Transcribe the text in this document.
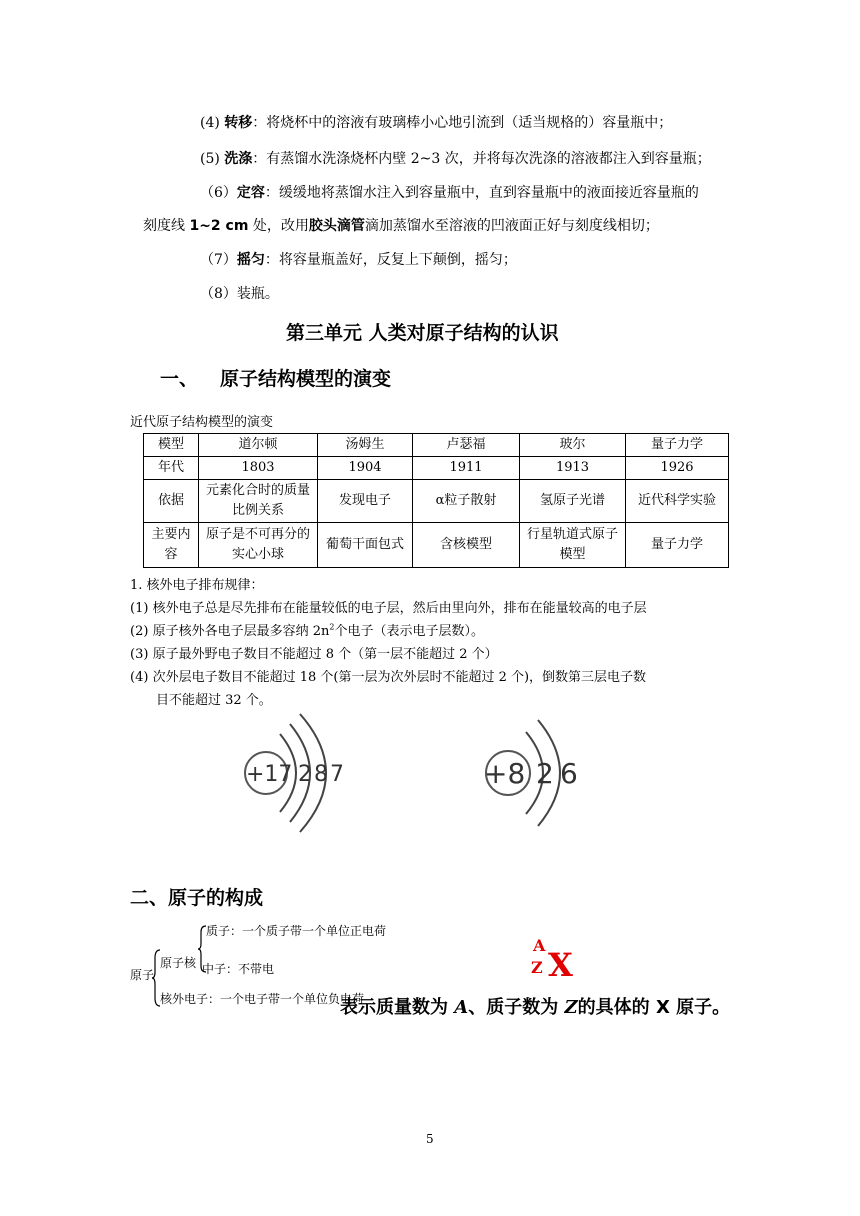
(4) 转移：将烧杯中的溶液有玻璃棒小心地引流到（适当规格的）容量瓶中；
(5) 洗涤：有蒸馏水洗涤烧杯内壁 2~3 次，并将每次洗涤的溶液都注入到容量瓶；
（6）定容：缓缓地将蒸馏水注入到容量瓶中，直到容量瓶中的液面接近容量瓶的
刻度线 1~2 cm 处，改用胶头滴管滴加蒸馏水至溶液的凹液面正好与刻度线相切；
（7）摇匀：将容量瓶盖好，反复上下颠倒，摇匀；
（8）装瓶。
第三单元 人类对原子结构的认识
一、 原子结构模型的演变
近代原子结构模型的演变
模型	道尔顿	汤姆生	卢瑟福	玻尔	量子力学
年代	1803	1904	1911	1913	1926
依据	元素化合时的质量比例关系	发现电子	α粒子散射	氢原子光谱	近代科学实验
主要内容	原子是不可再分的实心小球	葡萄干面包式	含核模型	行星轨道式原子模型	量子力学
1. 核外电子排布规律：
(1) 核外电子总是尽先排布在能量较低的电子层，然后由里向外，排布在能量较高的电子层
(2) 原子核外各电子层最多容纳 $2n^2$个电子（表示电子层数）。
(3) 原子最外野电子数目不能超过 8 个（第一层不能超过 2 个）
(4) 次外层电子数目不能超过 18 个(第一层为次外层时不能超过 2 个)，倒数第三层电子数
目不能超过 32 个。
+17 2 8 7	+8 2 6
二、原子的构成
原子
原子核
质子：一个质子带一个单位正电荷
中子：不带电
核外电子：一个电子带一个单位负电荷
A
Z X
表示质量数为 A、质子数为 Z的具体的 X 原子。
5
